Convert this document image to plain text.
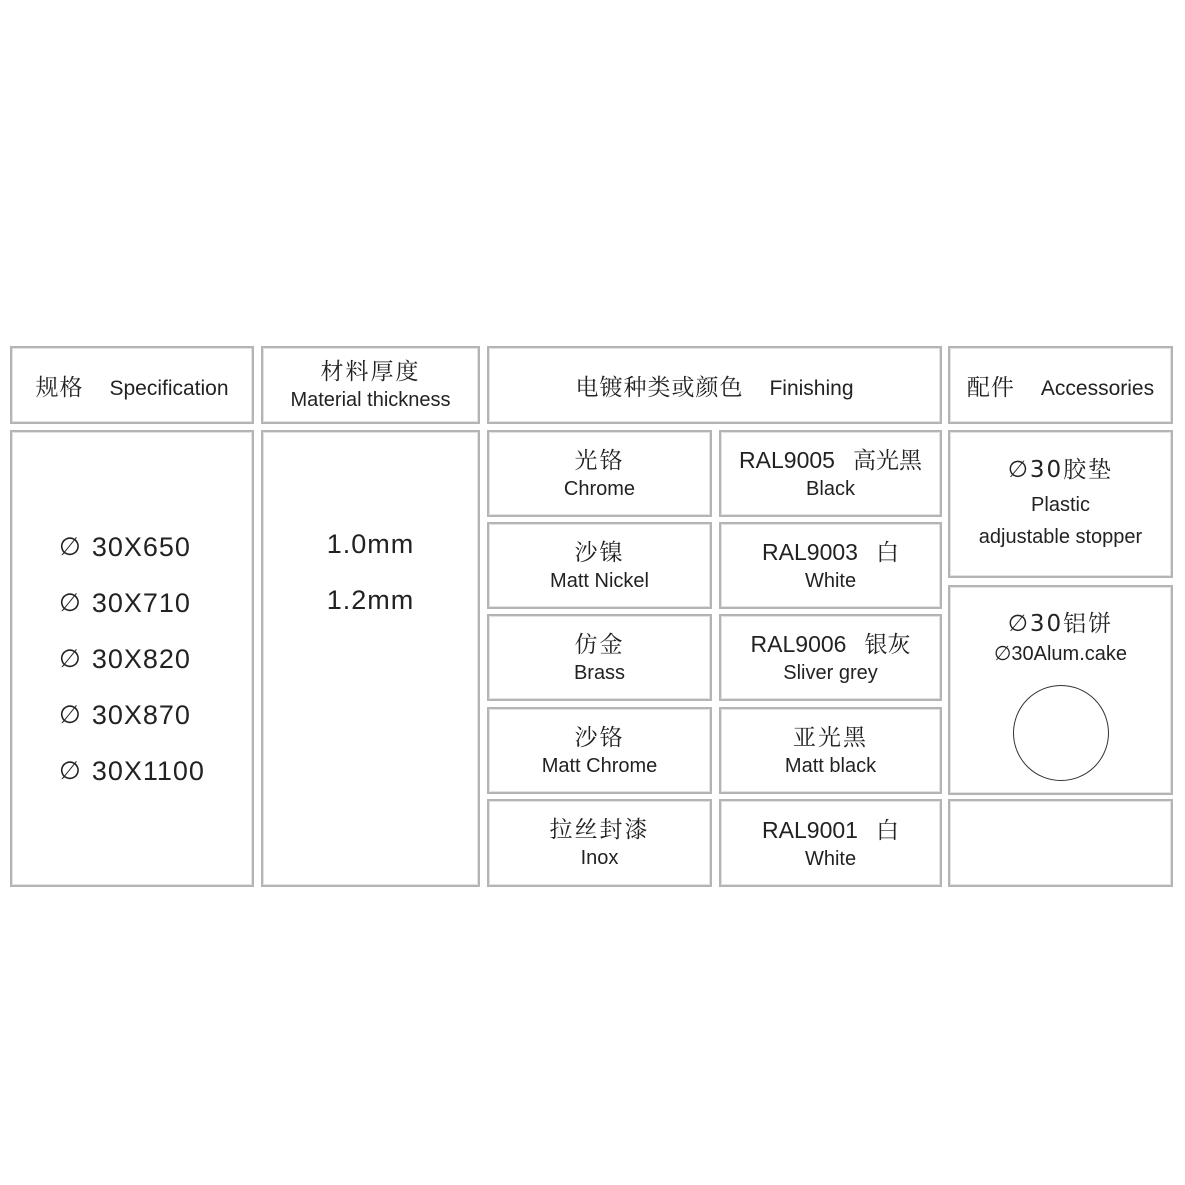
规格 Specification
材料厚度
Material thickness	电镀种类或颜色 Finishing	配件 Accessories
∅ 30X650
∅ 30X710
∅ 30X820
∅ 30X870
∅ 30X1100
1.0mm
1.2mm
光铬
Chrome
沙镍
Matt Nickel
仿金
Brass
沙铬
Matt Chrome
拉丝封漆
Inox
RAL9005 高光黑
Black
RAL9003 白
White
RAL9006 银灰
Sliver grey
亚光黑
Matt black
RAL9001 白
White
∅30胶垫
Plastic
adjustable stopper
∅30铝饼
∅30Alum.cake
